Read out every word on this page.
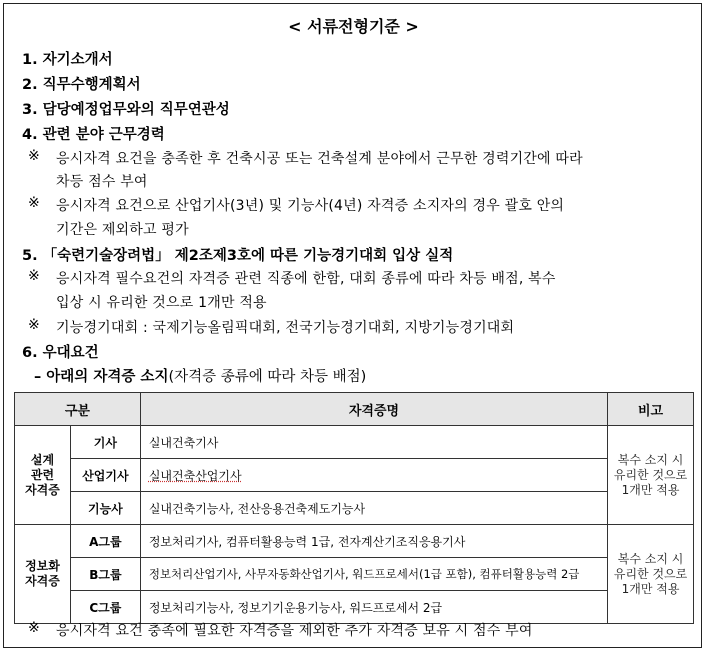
< 서류전형기준 >
1. 자기소개서
2. 직무수행계획서
3. 담당예정업무와의 직무연관성
4. 관련 분야 근무경력
※ 응시자격 요건을 충족한 후 건축시공 또는 건축설계 분야에서 근무한 경력기간에 따라
차등 점수 부여
※ 응시자격 요건으로 산업기사(3년) 및 기능사(4년) 자격증 소지자의 경우 괄호 안의
기간은 제외하고 평가
5. 「숙련기술장려법」 제2조제3호에 따른 기능경기대회 입상 실적
※ 응시자격 필수요건의 자격증 관련 직종에 한함, 대회 종류에 따라 차등 배점, 복수
입상 시 유리한 것으로 1개만 적용
※ 기능경기대회 : 국제기능올림픽대회, 전국기능경기대회, 지방기능경기대회
6. 우대요건
– 아래의 자격증 소지(자격증 종류에 따라 차등 배점)
구분		자격증명	비고
설계
관련
자격증	기사	실내건축기사	복수 소지 시
유리한 것으로
1개만 적용
	산업기사	실내건축산업기사	
	기능사	실내건축기능사, 전산응용건축제도기능사	
정보화
자격증	A그룹	정보처리기사, 컴퓨터활용능력 1급, 전자계산기조직응용기사	복수 소지 시
유리한 것으로
1개만 적용
	B그룹	정보처리산업기사, 사무자동화산업기사, 워드프로세서(1급 포함), 컴퓨터활용능력 2급	
	C그룹	정보처리기능사, 정보기기운용기능사, 워드프로세서 2급	
※ 응시자격 요건 충족에 필요한 자격증을 제외한 추가 자격증 보유 시 점수 부여
